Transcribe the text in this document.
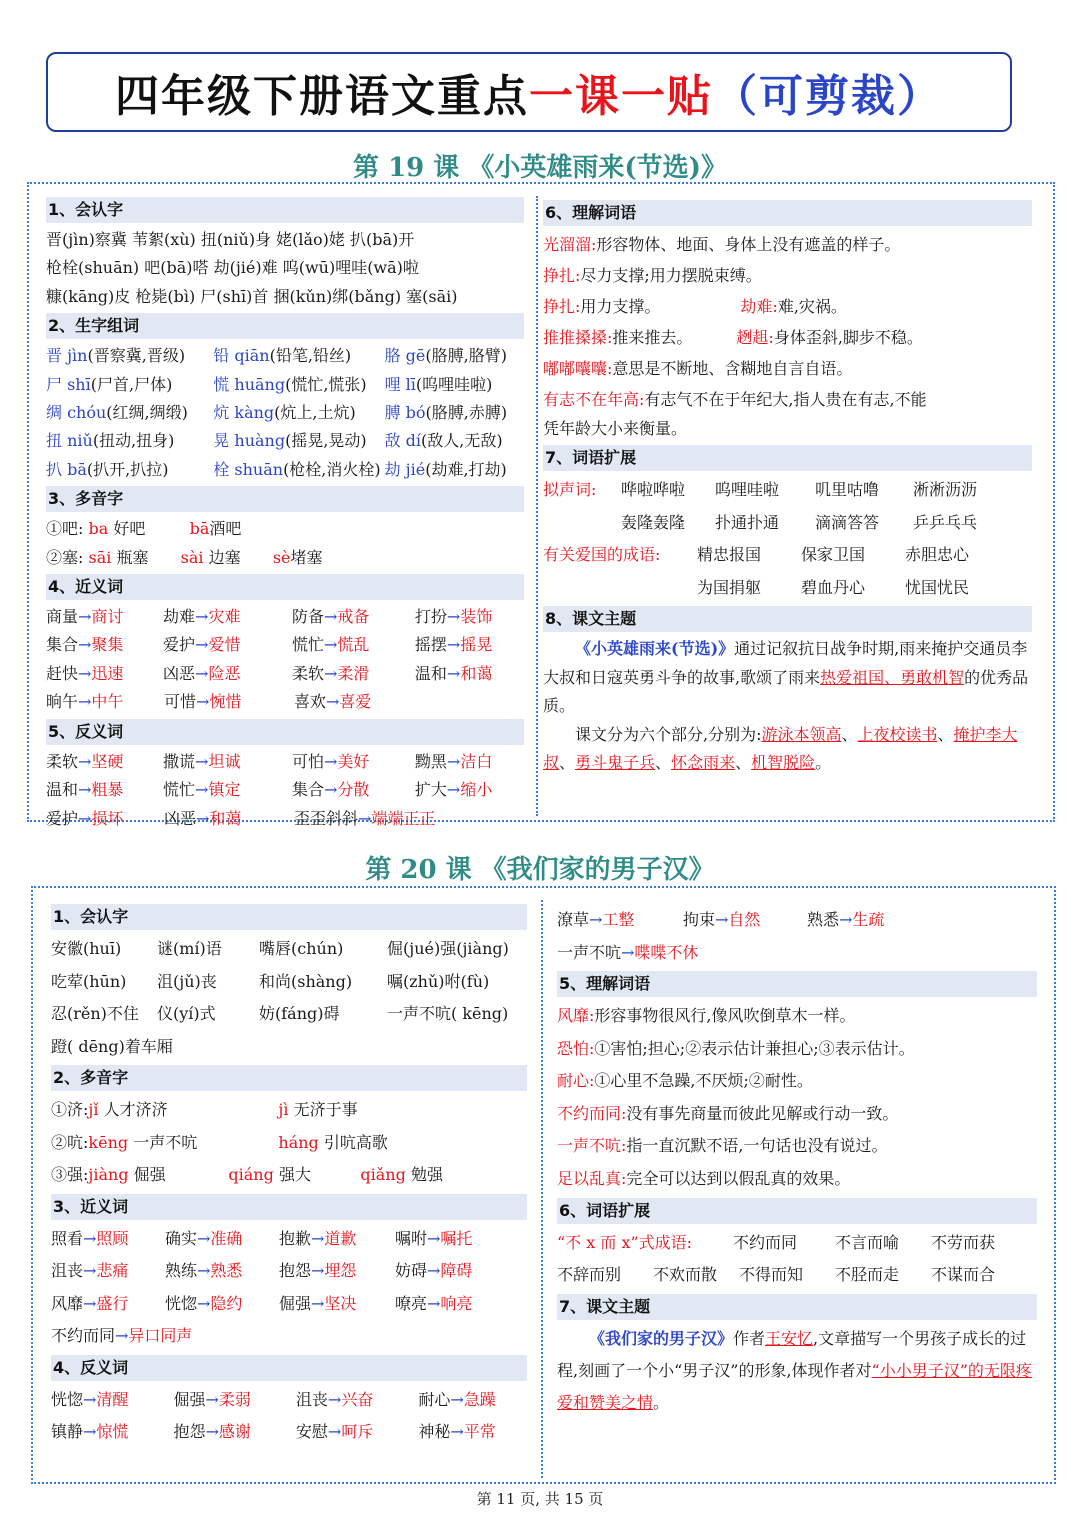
四年级下册语文重点 一课一贴 （可剪裁）
第 19 课 《小英雄雨来(节选)》
1、会认字
晋(jìn)察冀 苇絮(xù) 扭(niǔ)身 姥(lǎo)姥 扒(bā)开
枪栓(shuān) 吧(bā)嗒 劫(jié)难 呜(wū)哩哇(wā)啦
糠(kāng)皮 枪毙(bì) 尸(shī)首 捆(kǔn)绑(bǎng) 塞(sāi)
2、生字组词
晋 jìn(晋察冀,晋级)	铅 qiān(铅笔,铅丝)	胳 gē(胳膊,胳臂)
尸 shī(尸首,尸体)	慌 huāng(慌忙,慌张)	哩 lī(呜哩哇啦)
绸 chóu(红绸,绸缎)	炕 kàng(炕上,土炕)	膊 bó(胳膊,赤膊)
扭 niǔ(扭动,扭身)	晃 huàng(摇晃,晃动)	敌 dí(敌人,无敌)
扒 bā(扒开,扒拉)	栓 shuān(枪栓,消火栓) 劫 jié(劫难,打劫)
3、多音字
①吧: ba 好吧	bā酒吧
②塞: sāi 瓶塞 sài 边塞 sè堵塞
4、近义词
商量→商讨	劫难→灾难	防备→戒备	打扮→装饰
集合→聚集	爱护→爱惜	慌忙→慌乱	摇摆→摇晃
赶快→迅速	凶恶→险恶	柔软→柔滑	温和→和蔼
晌午→中午	可惜→惋惜	喜欢→喜爱
5、反义词
柔软→坚硬	撒谎→坦诚	可怕→美好	黝黑→洁白
温和→粗暴	慌忙→镇定	集合→分散	扩大→缩小
爱护→损坏	凶恶→和蔼	歪歪斜斜→端端正正
6、理解词语
光溜溜:形容物体、地面、身体上没有遮盖的样子。
挣扎:尽力支撑;用力摆脱束缚。
挣扎:用力支撑。	劫难:难,灾祸。
推推搡搡:推来推去。	趔趄:身体歪斜,脚步不稳。
嘟嘟囔囔:意思是不断地、含糊地自言自语。
有志不在年高:有志气不在于年纪大,指人贵在有志,不能
凭年龄大小来衡量。
7、词语扩展
拟声词: 哗啦哗啦 呜哩哇啦 叽里咕噜 淅淅沥沥
轰隆轰隆 扑通扑通 滴滴答答 乒乒乓乓
有关爱国的成语: 精忠报国 保家卫国 赤胆忠心
为国捐躯 碧血丹心 忧国忧民
8、课文主题
《小英雄雨来(节选)》通过记叙抗日战争时期,雨来掩护交通员李大叔和日寇英勇斗争的故事,歌颂了雨来热爱祖国、勇敢机智的优秀品质。
课文分为六个部分,分别为:游泳本领高、上夜校读书、掩护李大叔、勇斗鬼子兵、怀念雨来、机智脱险。
第 20 课 《我们家的男子汉》
1、会认字
安徽(huī)	谜(mí)语	嘴唇(chún)	倔(jué)强(jiàng)
吃荤(hūn)	沮(jǔ)丧	和尚(shàng)	嘱(zhǔ)咐(fù)
忍(rěn)不住	仪(yí)式	妨(fáng)碍	一声不吭( kēng)
蹬( dēng)着车厢
2、多音字
①济:jǐ 人才济济	jì 无济于事
②吭:kēng 一声不吭	háng 引吭高歌
③强:jiàng 倔强	qiáng 强大	qiǎng 勉强
3、近义词
照看→照顾	确实→准确	抱歉→道歉	嘱咐→嘱托
沮丧→悲痛	熟练→熟悉	抱怨→埋怨	妨碍→障碍
风靡→盛行	恍惚→隐约	倔强→坚决	嘹亮→响亮
不约而同→异口同声
4、反义词
恍惚→清醒	倔强→柔弱	沮丧→兴奋	耐心→急躁
镇静→惊慌	抱怨→感谢	安慰→呵斥	神秘→平常
潦草→工整	拘束→自然	熟悉→生疏
一声不吭→喋喋不休
5、理解词语
风靡:形容事物很风行,像风吹倒草木一样。
恐怕:①害怕;担心;②表示估计兼担心;③表示估计。
耐心:①心里不急躁,不厌烦;②耐性。
不约而同:没有事先商量而彼此见解或行动一致。
一声不吭:指一直沉默不语,一句话也没有说过。
足以乱真:完全可以达到以假乱真的效果。
6、词语扩展
“不 x 而 x”式成语:	不约而同 不言而喻 不劳而获
不辞而别 不欢而散 不得而知 不胫而走 不谋而合
7、课文主题
《我们家的男子汉》作者王安忆,文章描写一个男孩子成长的过程,刻画了一个小“男子汉”的形象,体现作者对“小小男子汉”的无限疼爱和赞美之情。
第 11 页, 共 15 页
